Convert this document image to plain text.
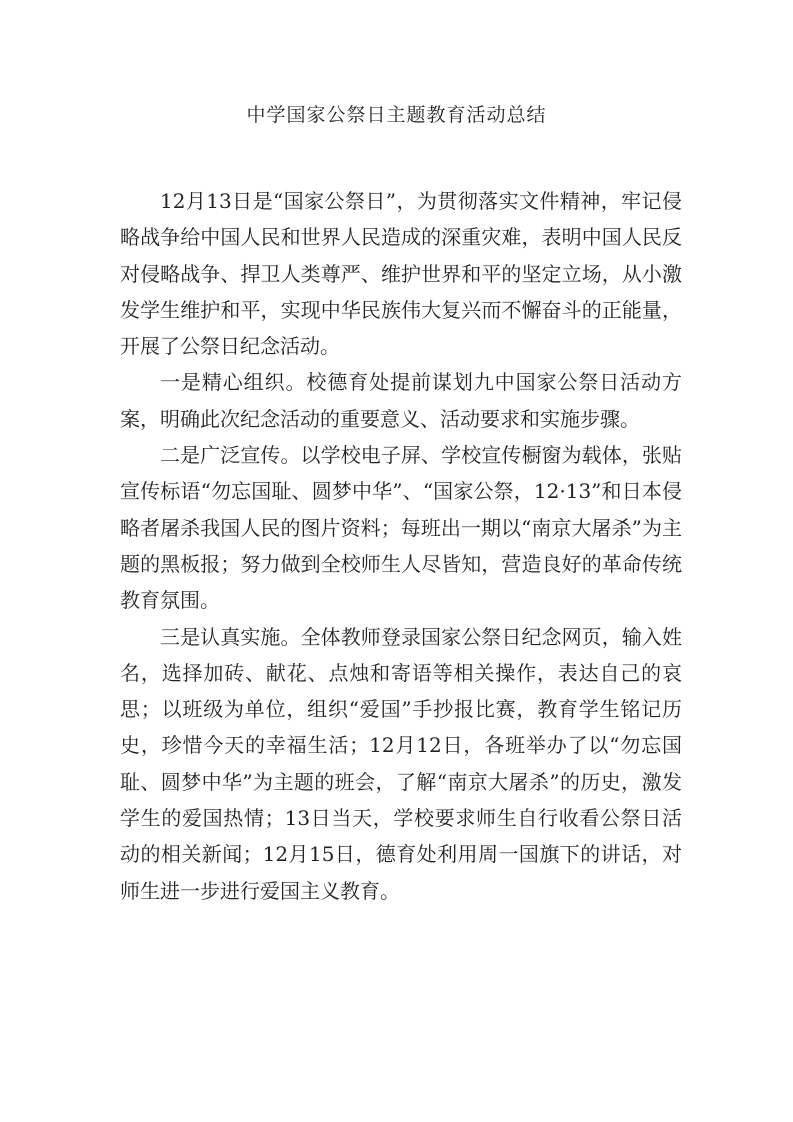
中学国家公祭日主题教育活动总结

12月13日是“国家公祭日”，为贯彻落实文件精神，牢记侵略战争给中国人民和世界人民造成的深重灾难，表明中国人民反对侵略战争、捍卫人类尊严、维护世界和平的坚定立场，从小激发学生维护和平，实现中华民族伟大复兴而不懈奋斗的正能量，开展了公祭日纪念活动。

一是精心组织。校德育处提前谋划九中国家公祭日活动方案，明确此次纪念活动的重要意义、活动要求和实施步骤。

二是广泛宣传。以学校电子屏、学校宣传橱窗为载体，张贴宣传标语“勿忘国耻、圆梦中华”、“国家公祭，12·13”和日本侵略者屠杀我国人民的图片资料；每班出一期以“南京大屠杀”为主题的黑板报；努力做到全校师生人尽皆知，营造良好的革命传统教育氛围。

三是认真实施。全体教师登录国家公祭日纪念网页，输入姓名，选择加砖、献花、点烛和寄语等相关操作，表达自己的哀思；以班级为单位，组织“爱国”手抄报比赛，教育学生铭记历史，珍惜今天的幸福生活；12月12日，各班举办了以“勿忘国耻、圆梦中华”为主题的班会，了解“南京大屠杀”的历史，激发学生的爱国热情；13日当天，学校要求师生自行收看公祭日活动的相关新闻；12月15日，德育处利用周一国旗下的讲话，对师生进一步进行爱国主义教育。
